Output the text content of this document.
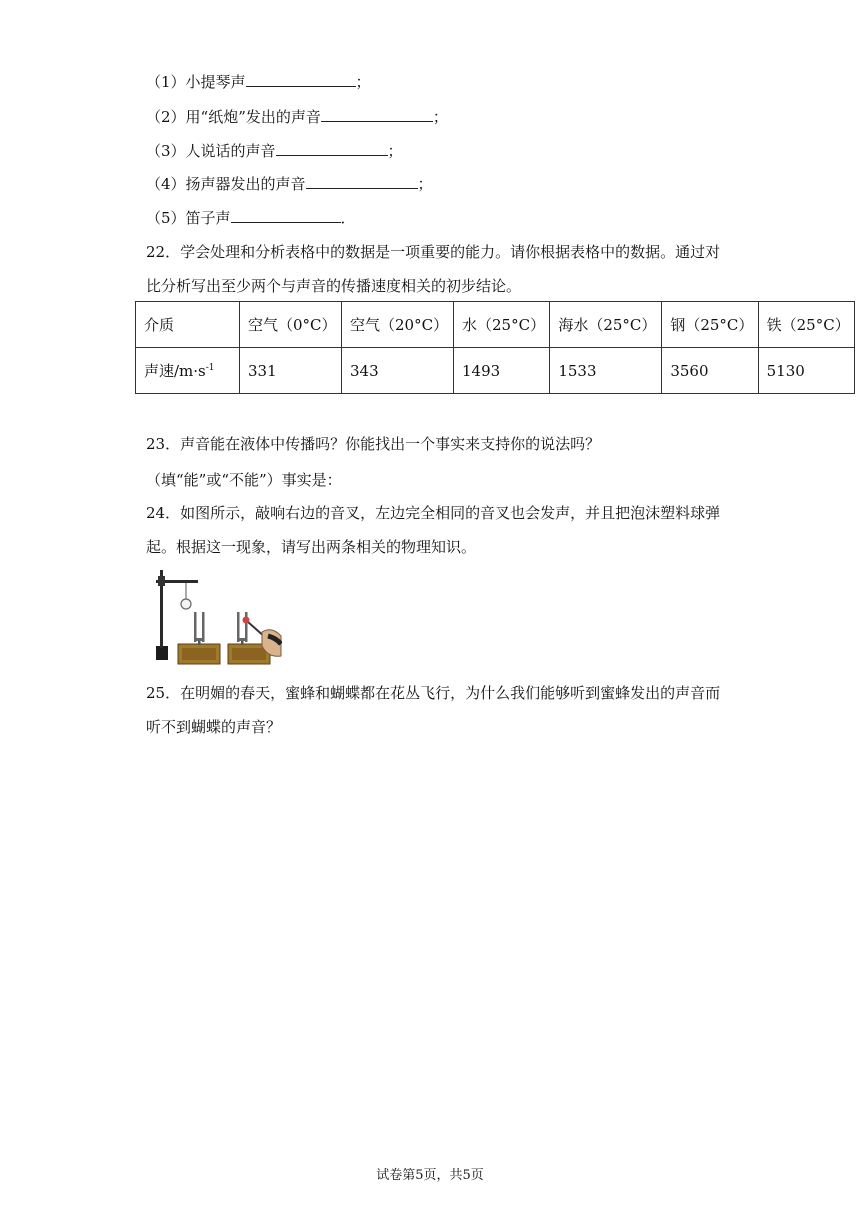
（1）小提琴声	；
（2）用“纸炮”发出的声音	；
（3）人说话的声音	；
（4）扬声器发出的声音	；
（5）笛子声	．
22．学会处理和分析表格中的数据是一项重要的能力。请你根据表格中的数据。通过对
比分析写出至少两个与声音的传播速度相关的初步结论。
介质	空气（0°C）	空气（20°C）	水（25°C）	海水（25°C）	钢（25°C）	铁（25°C）
声速$/m\cdot s^{-1}$	331	343	1493	1533	3560	5130
23．声音能在液体中传播吗？你能找出一个事实来支持你的说法吗？
（填“能”或“不能”）事实是：
24．如图所示，敲响右边的音叉，左边完全相同的音叉也会发声，并且把泡沫塑料球弹
起。根据这一现象，请写出两条相关的物理知识。
25．在明媚的春天，蜜蜂和蝴蝶都在花丛飞行，为什么我们能够听到蜜蜂发出的声音而
听不到蝴蝶的声音？
试卷第5页，共5页
